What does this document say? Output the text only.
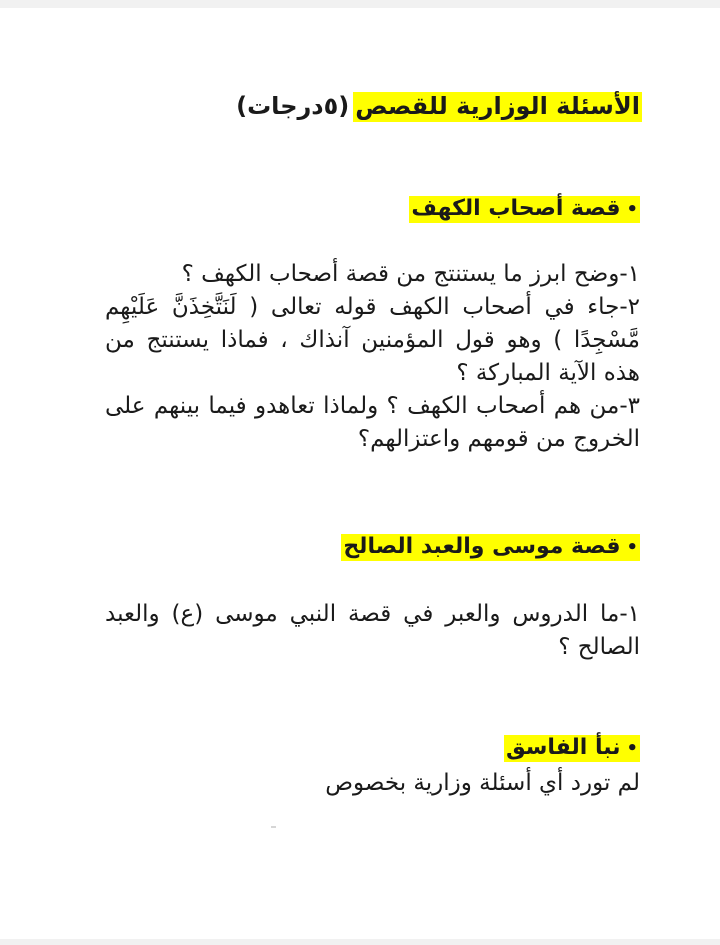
الأسئلة الوزارية للقصص(٥درجات)
•قصة أصحاب الكهف

١-وضح ابرز ما يستنتج من قصة أصحاب الكهف ؟

٢-جاء في أصحاب الكهف قوله تعالى ( لَنَتَّخِذَنَّ عَلَيْهِم مَّسْجِدًا ) وهو قول المؤمنين آنذاك ، فماذا يستنتج من هذه الآية المباركة ؟

٣-من هم أصحاب الكهف ؟ ولماذا تعاهدو فيما بينهم على الخروج من قومهم واعتزالهم؟

•قصة موسى والعبد الصالح

١-ما الدروس والعبر في قصة النبي موسى (ع) والعبد الصالح ؟

•نبأ الفاسق

لم تورد أي أسئلة وزارية بخصوص
